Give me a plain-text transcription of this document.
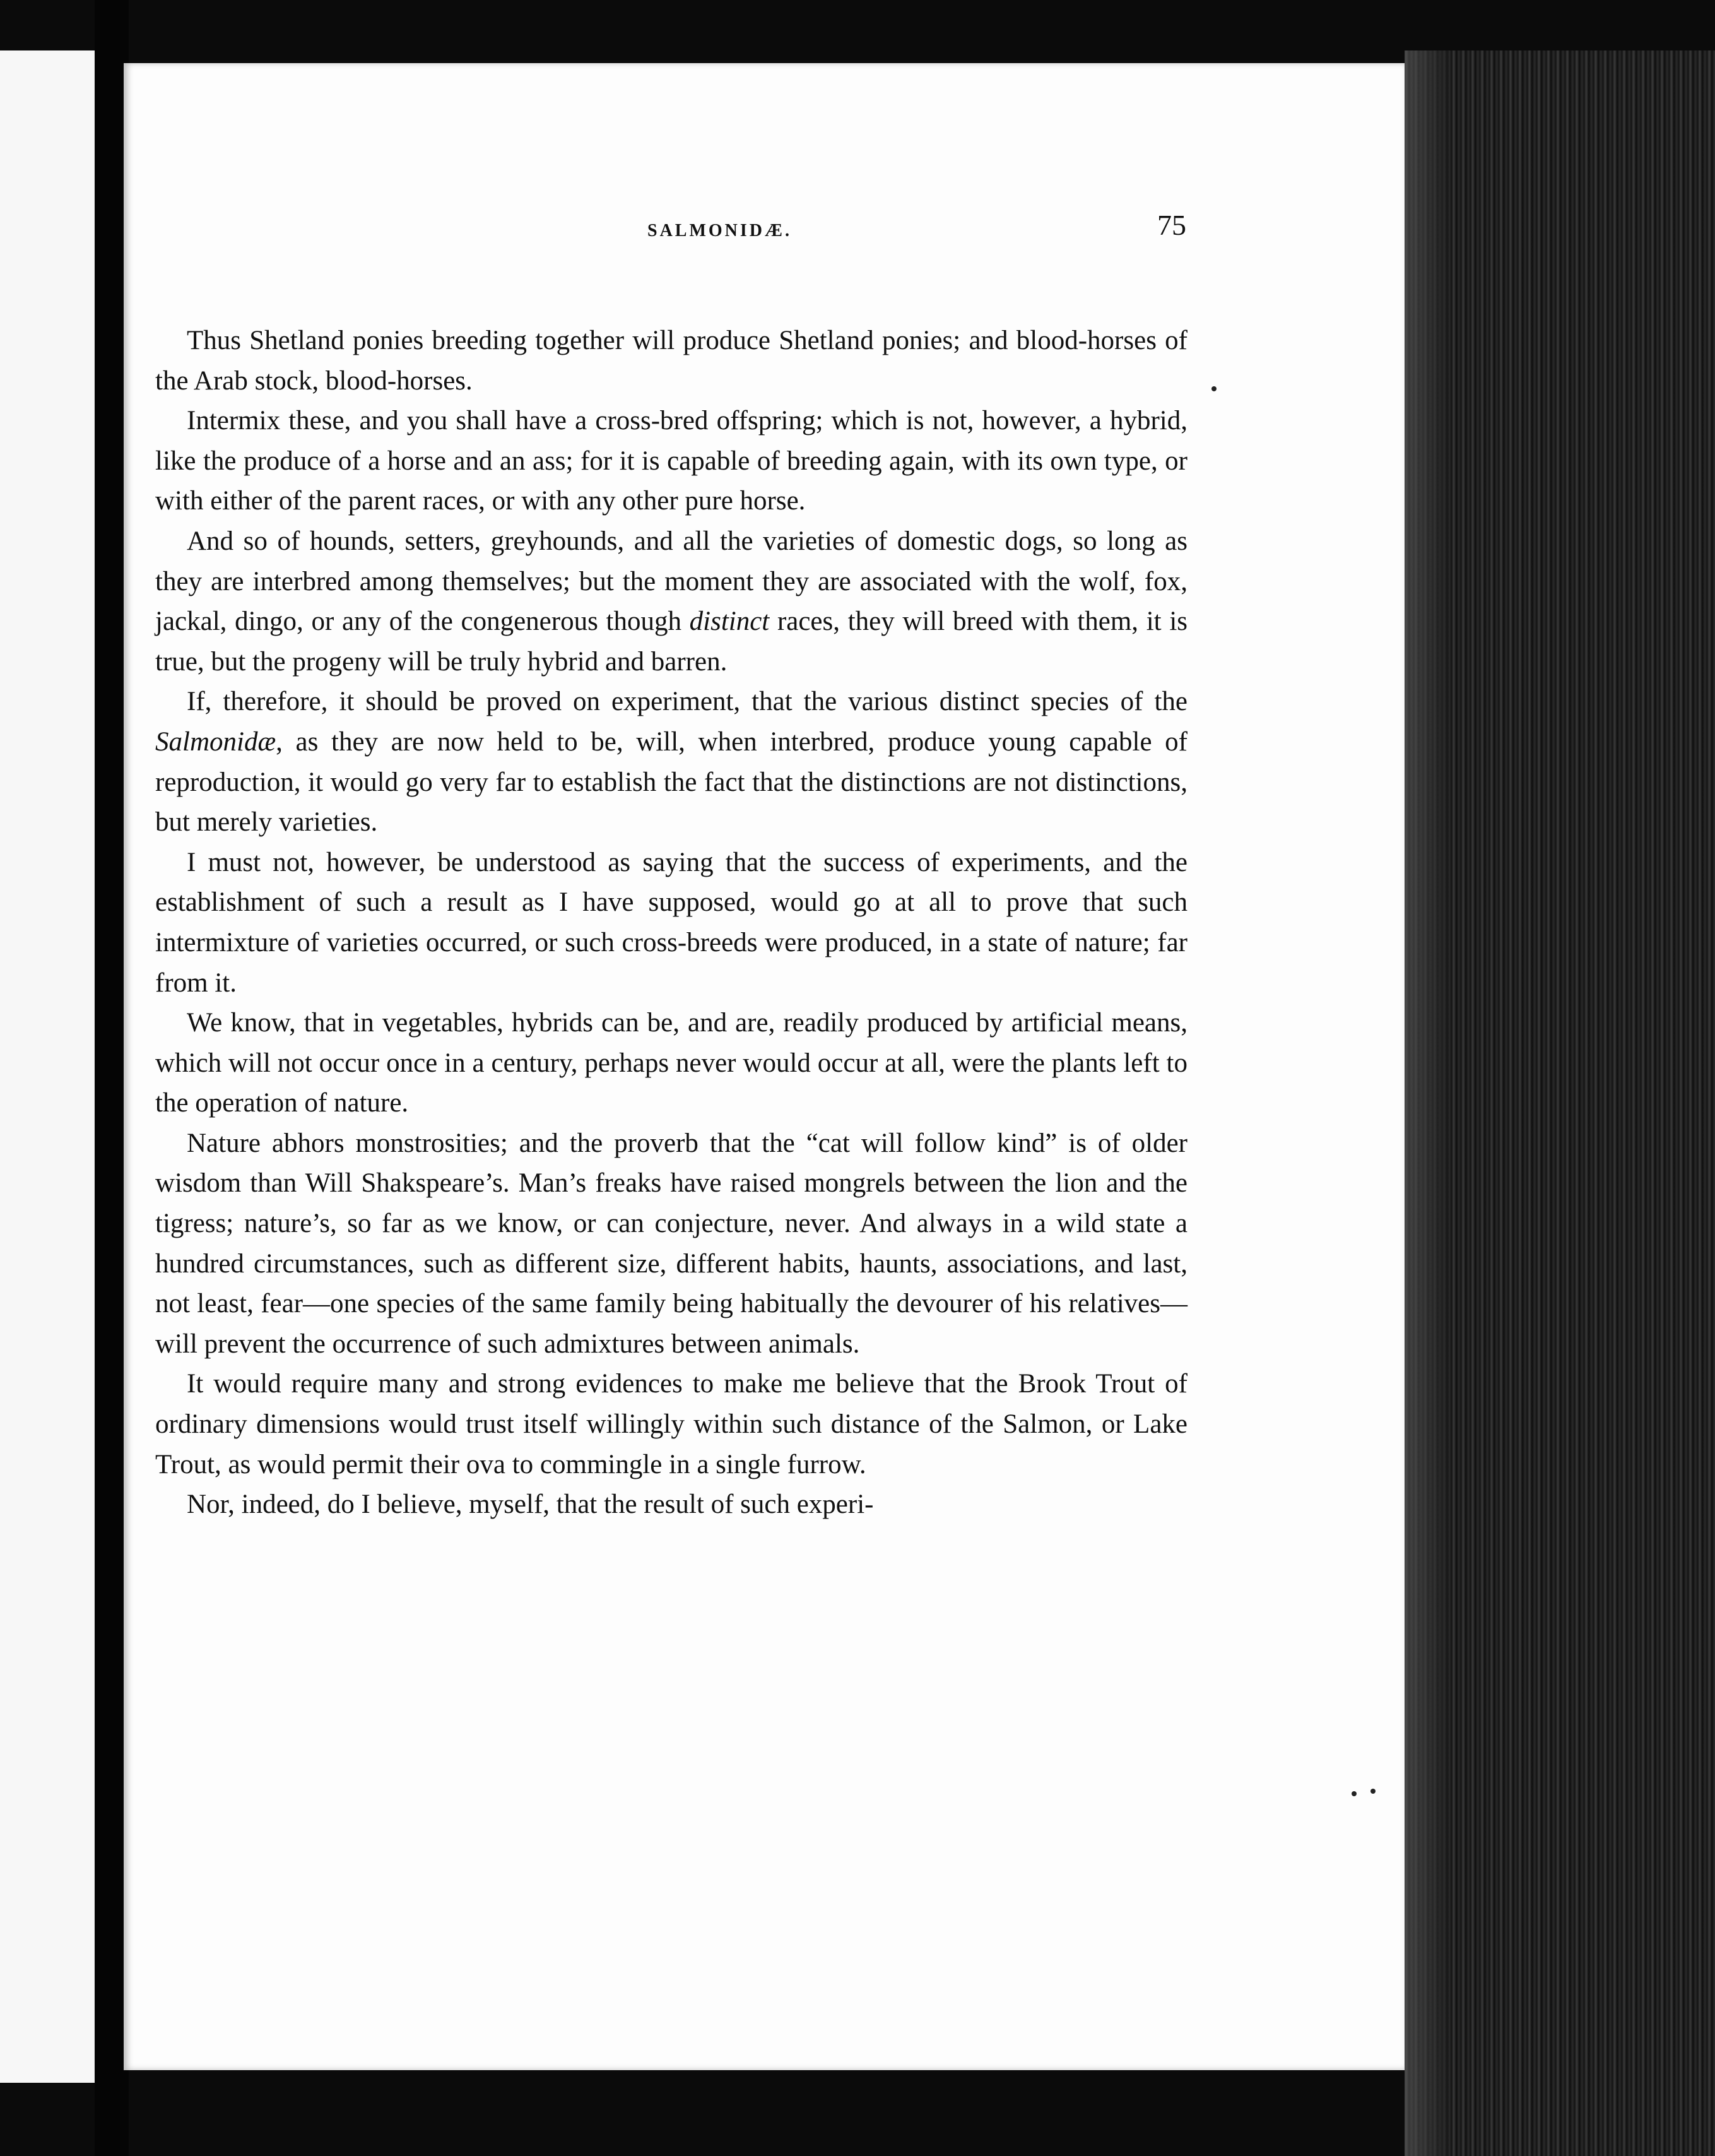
SALMONIDÆ.	75

Thus Shetland ponies breeding together will produce Shetland ponies; and blood-horses of the Arab stock, blood-horses.

Intermix these, and you shall have a cross-bred offspring; which is not, however, a hybrid, like the produce of a horse and an ass; for it is capable of breeding again, with its own type, or with either of the parent races, or with any other pure horse.

And so of hounds, setters, greyhounds, and all the varieties of domestic dogs, so long as they are interbred among themselves; but the moment they are associated with the wolf, fox, jackal, dingo, or any of the congenerous though distinct races, they will breed with them, it is true, but the progeny will be truly hybrid and barren.

If, therefore, it should be proved on experiment, that the various distinct species of the Salmonidæ, as they are now held to be, will, when interbred, produce young capable of reproduction, it would go very far to establish the fact that the distinctions are not distinctions, but merely varieties.

I must not, however, be understood as saying that the success of experiments, and the establishment of such a result as I have supposed, would go at all to prove that such intermixture of varieties occurred, or such cross-breeds were produced, in a state of nature; far from it.

We know, that in vegetables, hybrids can be, and are, readily produced by artificial means, which will not occur once in a century, perhaps never would occur at all, were the plants left to the operation of nature.

Nature abhors monstrosities; and the proverb that the “cat will follow kind” is of older wisdom than Will Shakspeare’s. Man’s freaks have raised mongrels between the lion and the tigress; nature’s, so far as we know, or can conjecture, never. And always in a wild state a hundred circumstances, such as different size, different habits, haunts, associations, and last, not least, fear—one species of the same family being habitually the devourer of his relatives—will prevent the occurrence of such admixtures between animals.

It would require many and strong evidences to make me believe that the Brook Trout of ordinary dimensions would trust itself willingly within such distance of the Salmon, or Lake Trout, as would permit their ova to commingle in a single furrow.

Nor, indeed, do I believe, myself, that the result of such experi-
